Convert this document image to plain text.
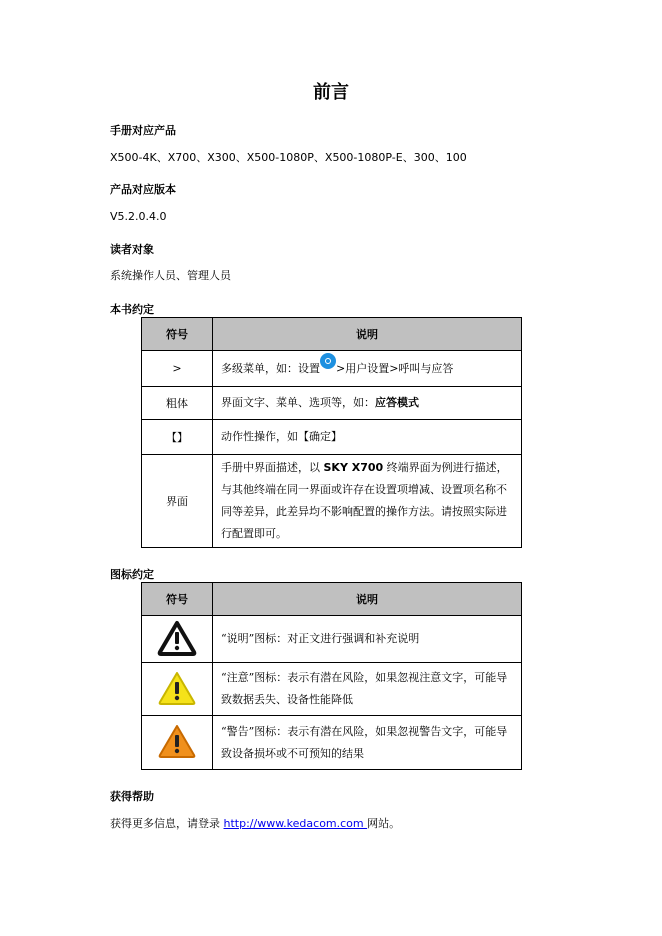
前言
手册对应产品
X500-4K、X700、X300、X500-1080P、X500-1080P-E、300、100
产品对应版本
V5.2.0.4.0
读者对象
系统操作人员、管理人员
本书约定
符号	说明
>	多级菜单，如：设置 >用户设置>呼叫与应答
粗体	界面文字、菜单、选项等，如：应答模式
【】	动作性操作，如【确定】
界面	手册中界面描述，以 SKY X700 终端界面为例进行描述，与其他终端在同一界面或许存在设置项增减、设置项名称不同等差异，此差异均不影响配置的操作方法。请按照实际进行配置即可。
图标约定
符号	说明
	“说明”图标：对正文进行强调和补充说明
	“注意”图标：表示有潜在风险，如果忽视注意文字，可能导致数据丢失、设备性能降低
	“警告”图标：表示有潜在风险，如果忽视警告文字，可能导致设备损坏或不可预知的结果
获得帮助
获得更多信息，请登录 http://www.kedacom.com 网站。
